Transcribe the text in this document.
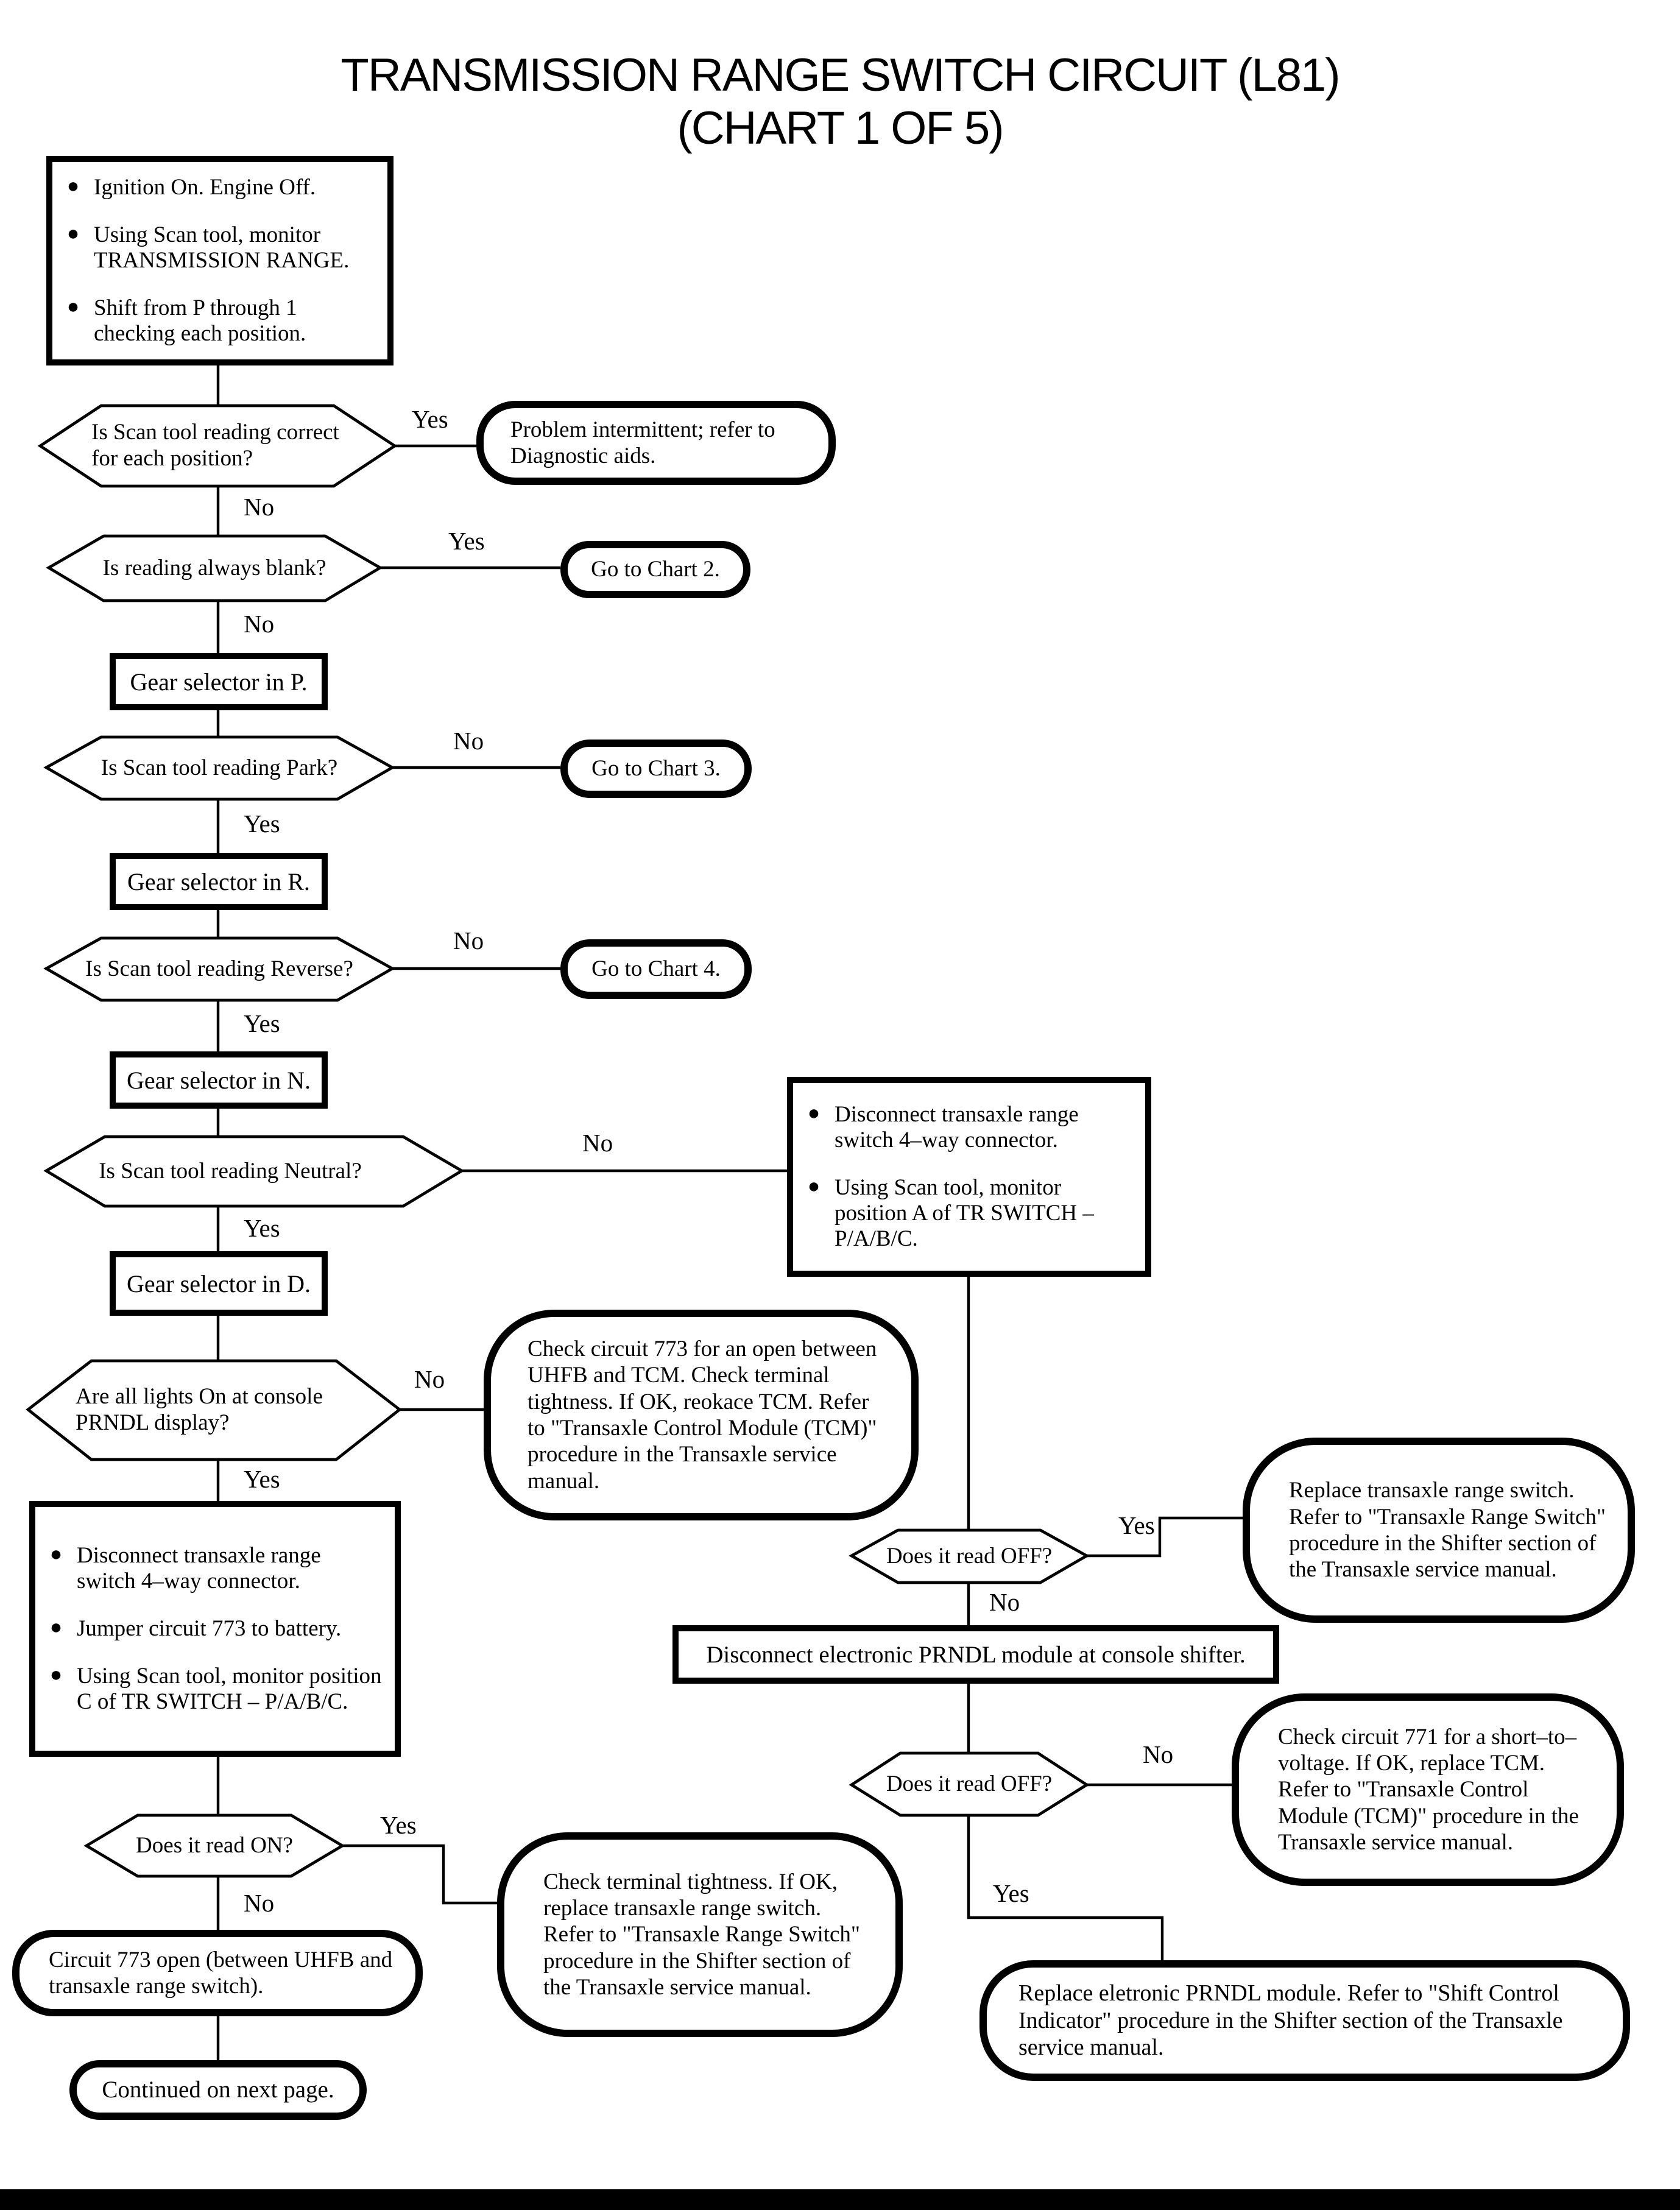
TRANSMISSION RANGE SWITCH CIRCUIT (L81)
(CHART 1 OF 5)
●	Ignition On. Engine Off.
●	Using Scan tool, monitor TRANSMISSION RANGE.
●	Shift from P through 1 checking each position.
Is Scan tool reading correct for each position?
Is reading always blank?
Is Scan tool reading Park?
Is Scan tool reading Reverse?
Is Scan tool reading Neutral?
Are all lights On at console PRNDL display?
Does it read ON?
Does it read OFF?
Does it read OFF?
Problem intermittent; refer to Diagnostic aids.
Go to Chart 2.
Go to Chart 3.
Go to Chart 4.
Check circuit 773 for an open between UHFB and TCM. Check terminal tightness. If OK, reokace TCM. Refer to "Transaxle Control Module (TCM)" procedure in the Transaxle service manual.	Replace transaxle range switch. Refer to "Transaxle Range Switch" procedure in the Shifter section of the Transaxle service manual.
Check circuit 771 for a short–to–voltage. If OK, replace TCM. Refer to "Transaxle Control Module (TCM)" procedure in the Transaxle service manual.
Check terminal tightness. If OK, replace transaxle range switch. Refer to "Transaxle Range Switch" procedure in the Shifter section of the Transaxle service manual.
Circuit 773 open (between UHFB and transaxle range switch).
Continued on next page.
Replace eletronic PRNDL module. Refer to "Shift Control Indicator" procedure in the Shifter section of the Transaxle service manual.
Gear selector in P.
Gear selector in R.
Gear selector in N.
Gear selector in D.
Disconnect electronic PRNDL module at console shifter.
●	Disconnect transaxle range switch 4–way connector.
●	Using Scan tool, monitor position A of TR SWITCH – P/A/B/C.
●	Disconnect transaxle range switch 4–way connector.
●	Jumper circuit 773 to battery.
●	Using Scan tool, monitor position C of TR SWITCH – P/A/B/C.
Yes
No
Yes
No
No
Yes
No
Yes
No
Yes
No
Yes
Yes
No
Yes
No
No
Yes
